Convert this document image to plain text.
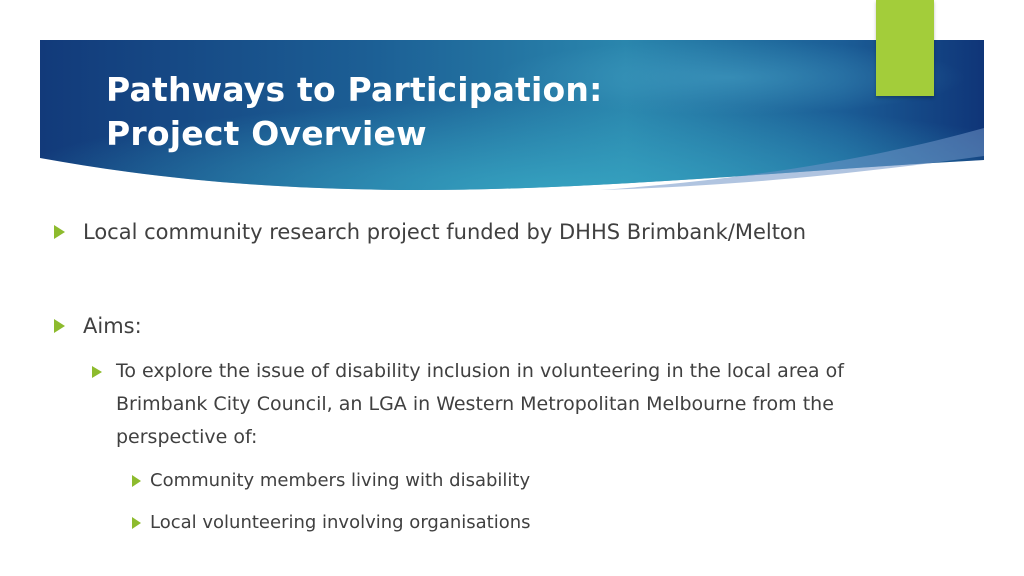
Pathways to Participation:
Project Overview
Local community research project funded by DHHS Brimbank/Melton
Aims:
To explore the issue of disability inclusion in volunteering in the local area of Brimbank City Council, an LGA in Western Metropolitan Melbourne from the perspective of:
Community members living with disability
Local volunteering involving organisations
